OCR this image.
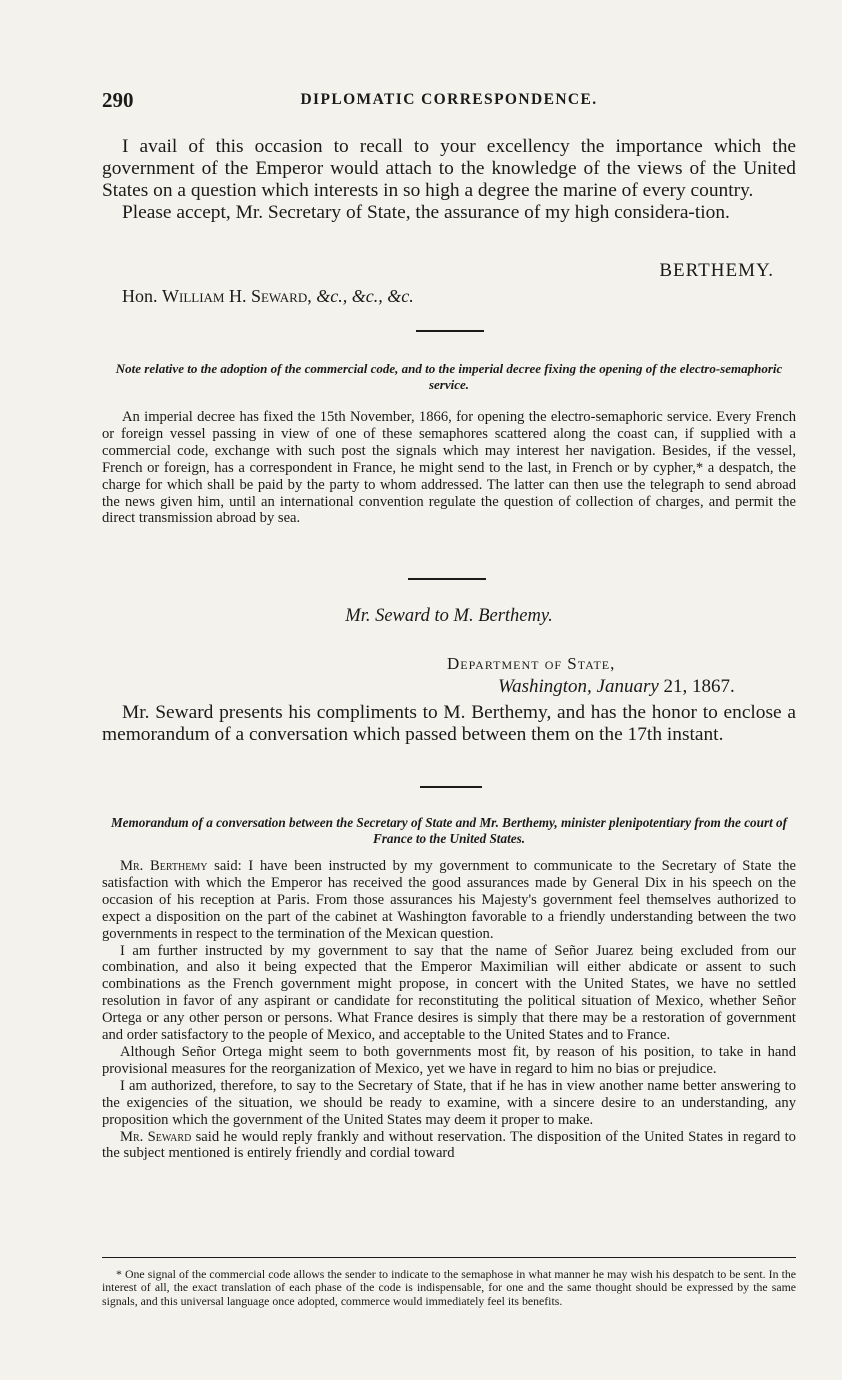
290	DIPLOMATIC CORRESPONDENCE.

I avail of this occasion to recall to your excellency the importance which the government of the Emperor would attach to the knowledge of the views of the United States on a question which interests in so high a degree the marine of every country.

Please accept, Mr. Secretary of State, the assurance of my high considera-tion.

BERTHEMY.
Hon. William H. Seward, &c., &c., &c.
Note relative to the adoption of the commercial code, and to the imperial decree fixing the opening of the electro-semaphoric service.

An imperial decree has fixed the 15th November, 1866, for opening the electro-semaphoric service. Every French or foreign vessel passing in view of one of these semaphores scattered along the coast can, if supplied with a commercial code, exchange with such post the signals which may interest her navigation. Besides, if the vessel, French or foreign, has a correspondent in France, he might send to the last, in French or by cypher,* a despatch, the charge for which shall be paid by the party to whom addressed. The latter can then use the telegraph to send abroad the news given him, until an international convention regulate the question of collection of charges, and permit the direct transmission abroad by sea.

Mr. Seward to M. Berthemy.
Department of State,
Washington, January 21, 1867.

Mr. Seward presents his compliments to M. Berthemy, and has the honor to enclose a memorandum of a conversation which passed between them on the 17th instant.

Memorandum of a conversation between the Secretary of State and Mr. Berthemy, minister plenipotentiary from the court of France to the United States.

Mr. Berthemy said: I have been instructed by my government to communicate to the Secretary of State the satisfaction with which the Emperor has received the good assurances made by General Dix in his speech on the occasion of his reception at Paris. From those assurances his Majesty's government feel themselves authorized to expect a disposition on the part of the cabinet at Washington favorable to a friendly understanding between the two governments in respect to the termination of the Mexican question.

I am further instructed by my government to say that the name of Señor Juarez being excluded from our combination, and also it being expected that the Emperor Maximilian will either abdicate or assent to such combinations as the French government might propose, in concert with the United States, we have no settled resolution in favor of any aspirant or candidate for reconstituting the political situation of Mexico, whether Señor Ortega or any other person or persons. What France desires is simply that there may be a restoration of government and order satisfactory to the people of Mexico, and acceptable to the United States and to France.

Although Señor Ortega might seem to both governments most fit, by reason of his position, to take in hand provisional measures for the reorganization of Mexico, yet we have in regard to him no bias or prejudice.

I am authorized, therefore, to say to the Secretary of State, that if he has in view another name better answering to the exigencies of the situation, we should be ready to examine, with a sincere desire to an understanding, any proposition which the government of the United States may deem it proper to make.

Mr. Seward said he would reply frankly and without reservation. The disposition of the United States in regard to the subject mentioned is entirely friendly and cordial toward

* One signal of the commercial code allows the sender to indicate to the semaphose in what manner he may wish his despatch to be sent. In the interest of all, the exact translation of each phase of the code is indispensable, for one and the same thought should be expressed by the same signals, and this universal language once adopted, commerce would immediately feel its benefits.
